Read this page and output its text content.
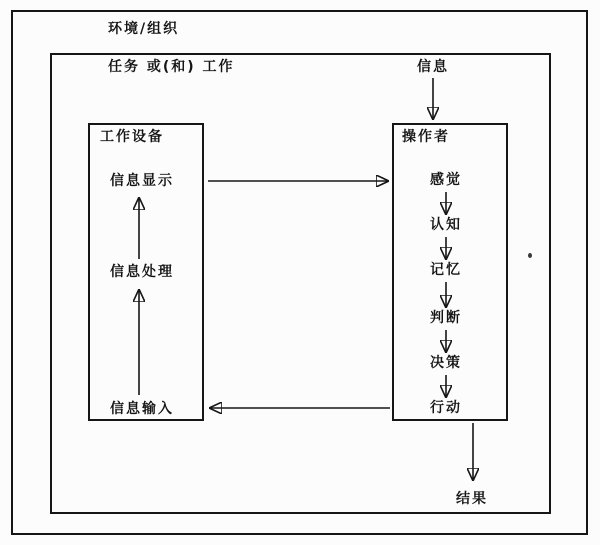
环境/组织
任务 或(和) 工作	信息
结果
工作设备
信息显示
信息处理
信息输入
操作者
感觉
认知
记忆
判断
决策
行动
